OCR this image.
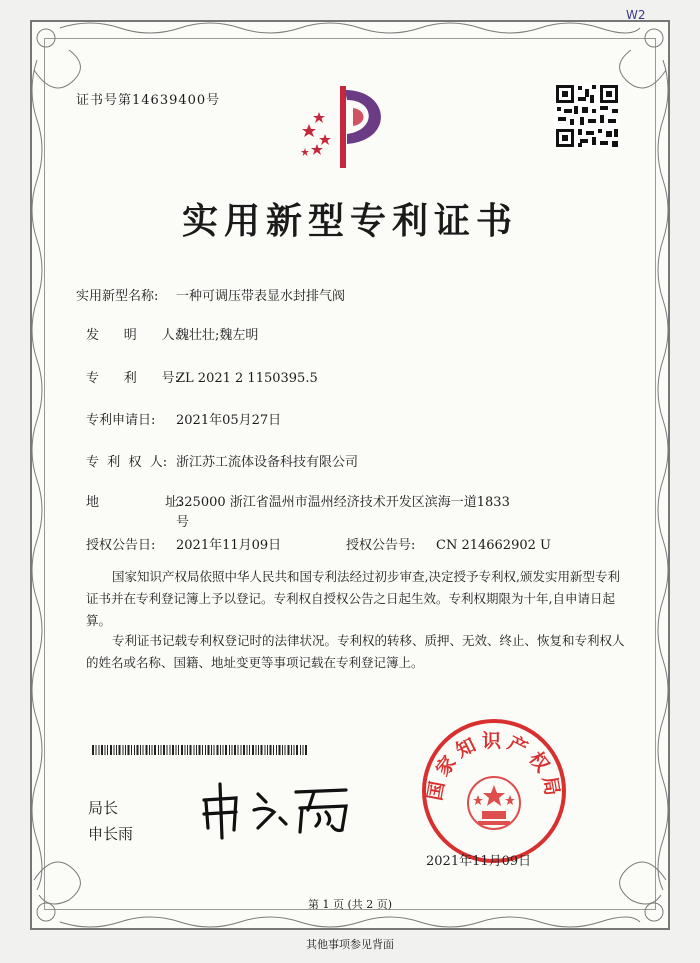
W2
证书号第14639400号
实用新型专利证书
实用新型名称: 一种可调压带表显水封排气阀
发      明      人:魏壮壮;魏左明
专      利      号:ZL 2021 2 1150395.5
专利申请日: 2021年05月27日
专  利  权  人: 浙江苏工流体设备科技有限公司
地                址:325000 浙江省温州市温州经济技术开发区滨海一道1833
号
授权公告日: 2021年11月09日	授权公告号: CN 214662902 U
国家知识产权局依照中华人民共和国专利法经过初步审查,决定授予专利权,颁发实用新型专利证书并在专利登记簿上予以登记。专利权自授权公告之日起生效。专利权期限为十年,自申请日起算。
专利证书记载专利权登记时的法律状况。专利权的转移、质押、无效、终止、恢复和专利权人的姓名或名称、国籍、地址变更等事项记载在专利登记簿上。
局长
申长雨
国家知识产权局
2021年11月09日
第 1 页 (共 2 页)
其他事项参见背面
